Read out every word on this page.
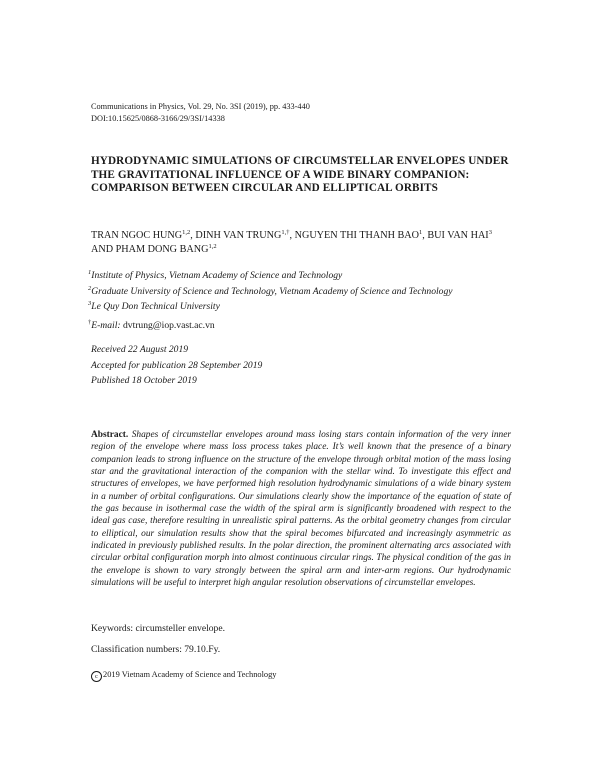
Communications in Physics, Vol. 29, No. 3SI (2019), pp. 433-440
DOI:10.15625/0868-3166/29/3SI/14338
HYDRODYNAMIC SIMULATIONS OF CIRCUMSTELLAR ENVELOPES UNDER THE GRAVITATIONAL INFLUENCE OF A WIDE BINARY COMPANION: COMPARISON BETWEEN CIRCULAR AND ELLIPTICAL ORBITS
TRAN NGOC HUNG$^{1,2}$, DINH VAN $TRUNG^{1,\dagger}$, NGUYEN THI THANH BAO$^1$, BUI VAN HAI$^3$ AND PHAM DONG BANG$^{1,2}$
$^1$Institute of Physics, Vietnam Academy of Science and Technology
$^2$Graduate University of Science and Technology, Vietnam Academy of Science and Technology
$^3$Le Quy Don Technical University
†E-mail: dvtrung@iop.vast.ac.vn
Received 22 August 2019
Accepted for publication 28 September 2019
Published 18 October 2019
Abstract. Shapes of circumstellar envelopes around mass losing stars contain information of the very inner region of the envelope where mass loss process takes place. It’s well known that the presence of a binary companion leads to strong influence on the structure of the envelope through orbital motion of the mass losing star and the gravitational interaction of the companion with the stellar wind. To investigate this effect and structures of envelopes, we have performed high resolution hydrodynamic simulations of a wide binary system in a number of orbital configurations. Our simulations clearly show the importance of the equation of state of the gas because in isothermal case the width of the spiral arm is significantly broadened with respect to the ideal gas case, therefore resulting in unrealistic spiral patterns. As the orbital geometry changes from circular to elliptical, our simulation results show that the spiral becomes bifurcated and increasingly asymmetric as indicated in previously published results. In the polar direction, the prominent alternating arcs associated with circular orbital configuration morph into almost continuous circular rings. The physical condition of the gas in the envelope is shown to vary strongly between the spiral arm and inter-arm regions. Our hydrodynamic simulations will be useful to interpret high angular resolution observations of circumstellar envelopes.
Keywords: circumsteller envelope.
Classification numbers: 79.10.Fy.
c 2019 Vietnam Academy of Science and Technology
